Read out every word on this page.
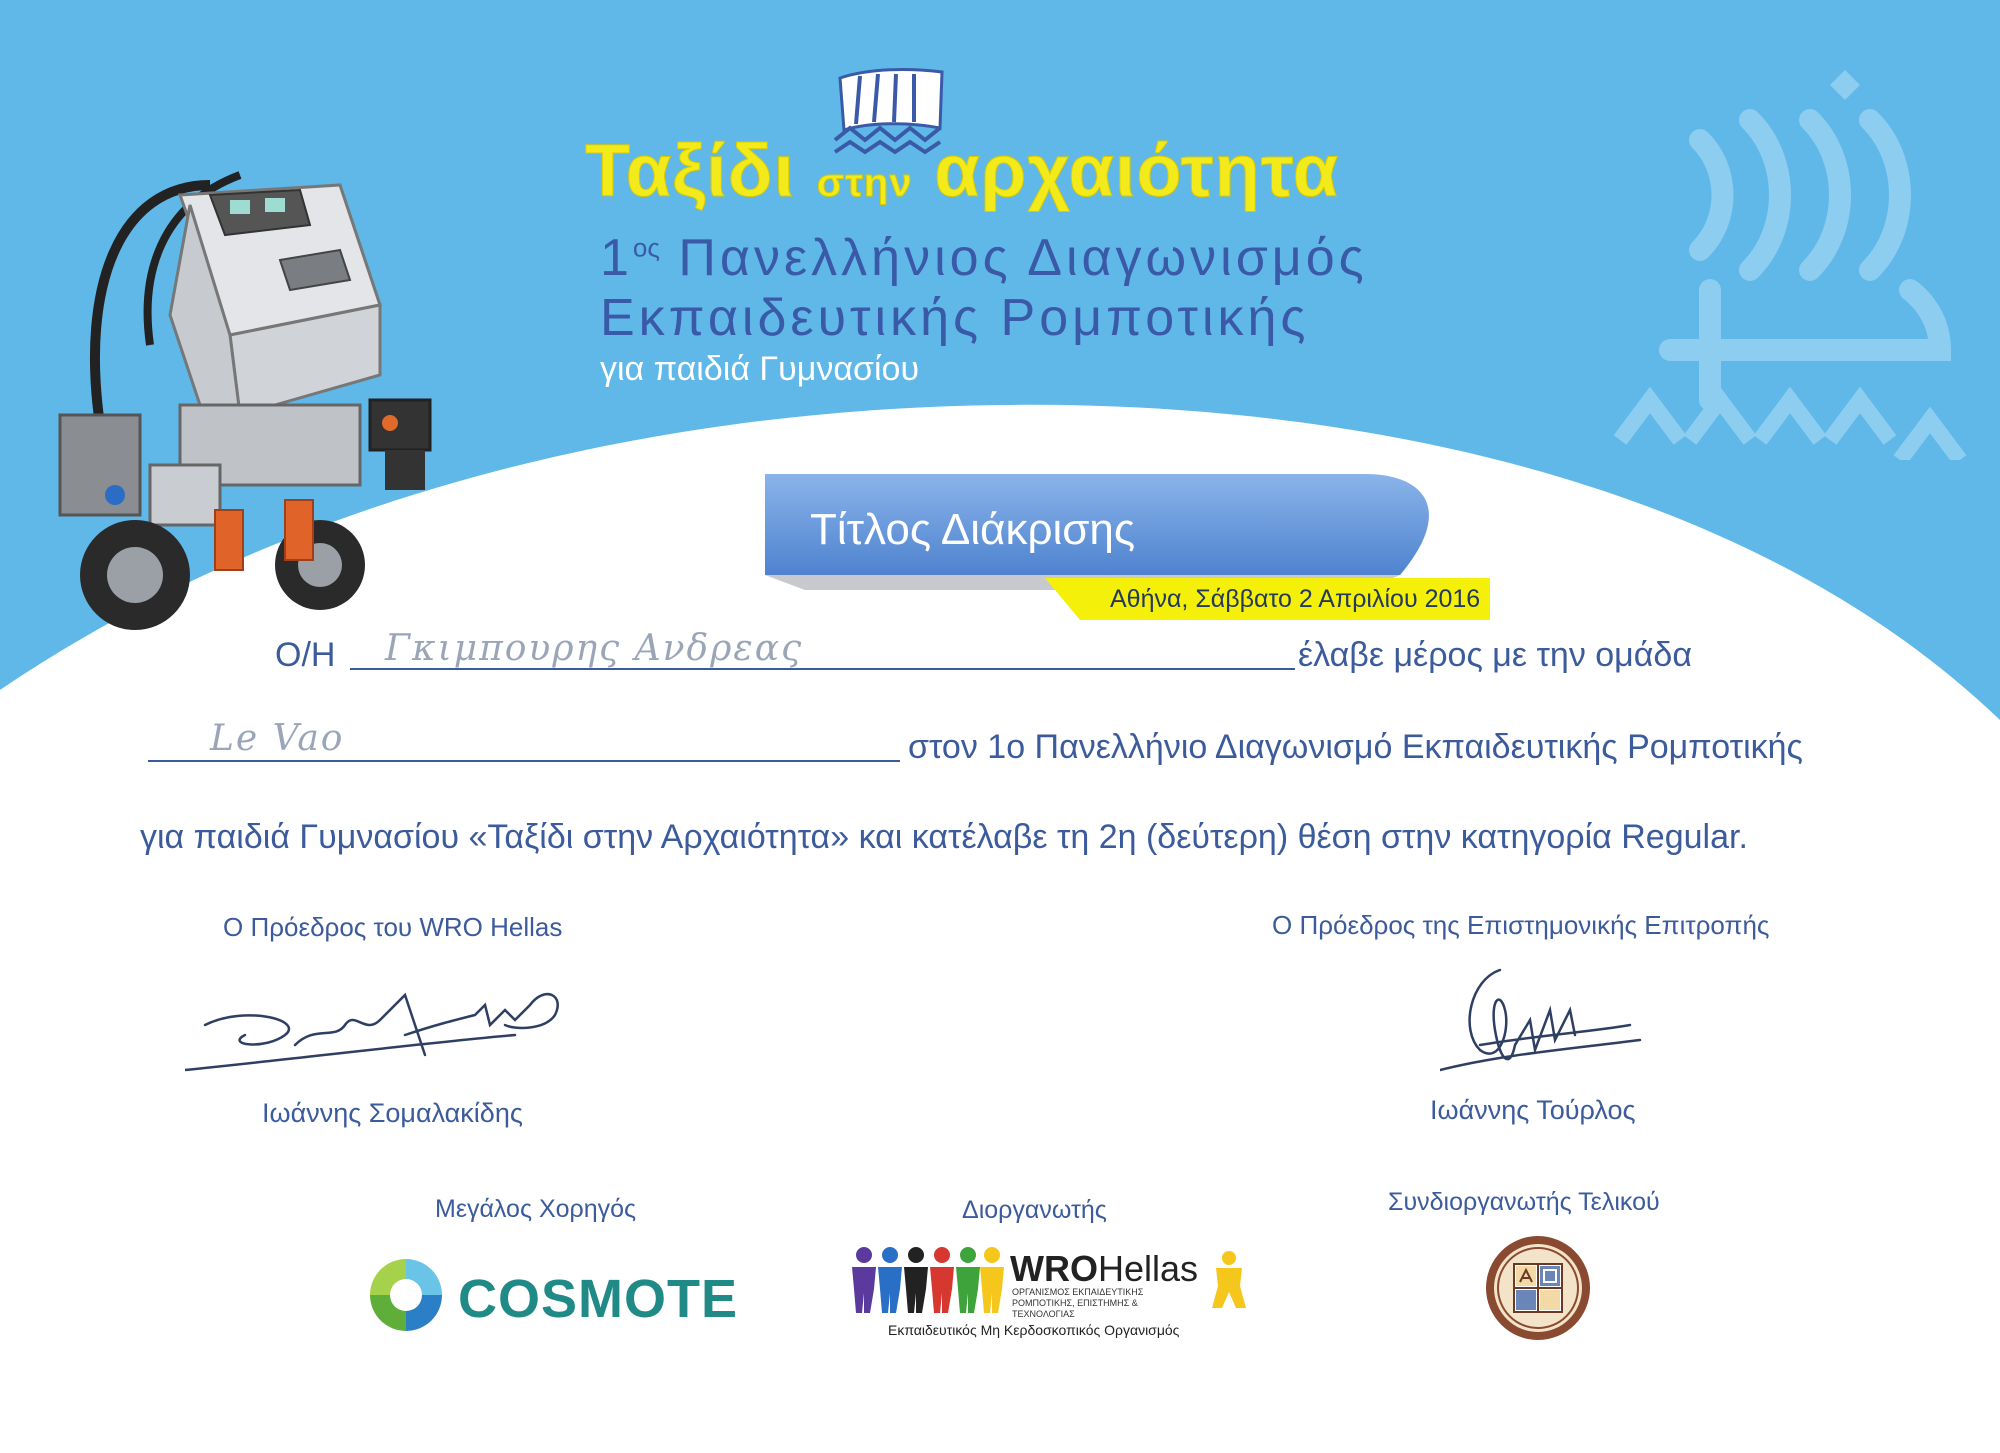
Ταξίδι στην αρχαιότητα
$1^{o\varsigma}$ Πανελλήνιος Διαγωνισμός
Εκπαιδευτικής Ρομποτικής
για παιδιά Γυμνασίου
Τίτλος Διάκρισης
Αθήνα, Σάββατο 2 Απριλίου 2016
Ο/Η Γκιμπουρης Ανδρεας	έλαβε μέρος με την ομάδα
Le Vao	στον 1ο Πανελλήνιο Διαγωνισμό Εκπαιδευτικής Ρομποτικής
για παιδιά Γυμνασίου «Ταξίδι στην Αρχαιότητα» και κατέλαβε τη 2η (δεύτερη) θέση στην κατηγορία Regular.
Ο Πρόεδρος του WRO Hellas
Ιωάννης Σομαλακίδης
Ο Πρόεδρος της Επιστημονικής Επιτροπής
Ιωάννης Τούρλος
Μεγάλος Χορηγός
COSMOTE
Διοργανωτής
WROHellas
ΟΡΓΑΝΙΣΜΟΣ ΕΚΠΑΙΔΕΥΤΙΚΗΣ ΡΟΜΠΟΤΙΚΗΣ, ΕΠΙΣΤΗΜΗΣ & ΤΕΧΝΟΛΟΓΙΑΣ
Εκπαιδευτικός Μη Κερδοσκοπικός Οργανισμός
Συνδιοργανωτής Τελικού
